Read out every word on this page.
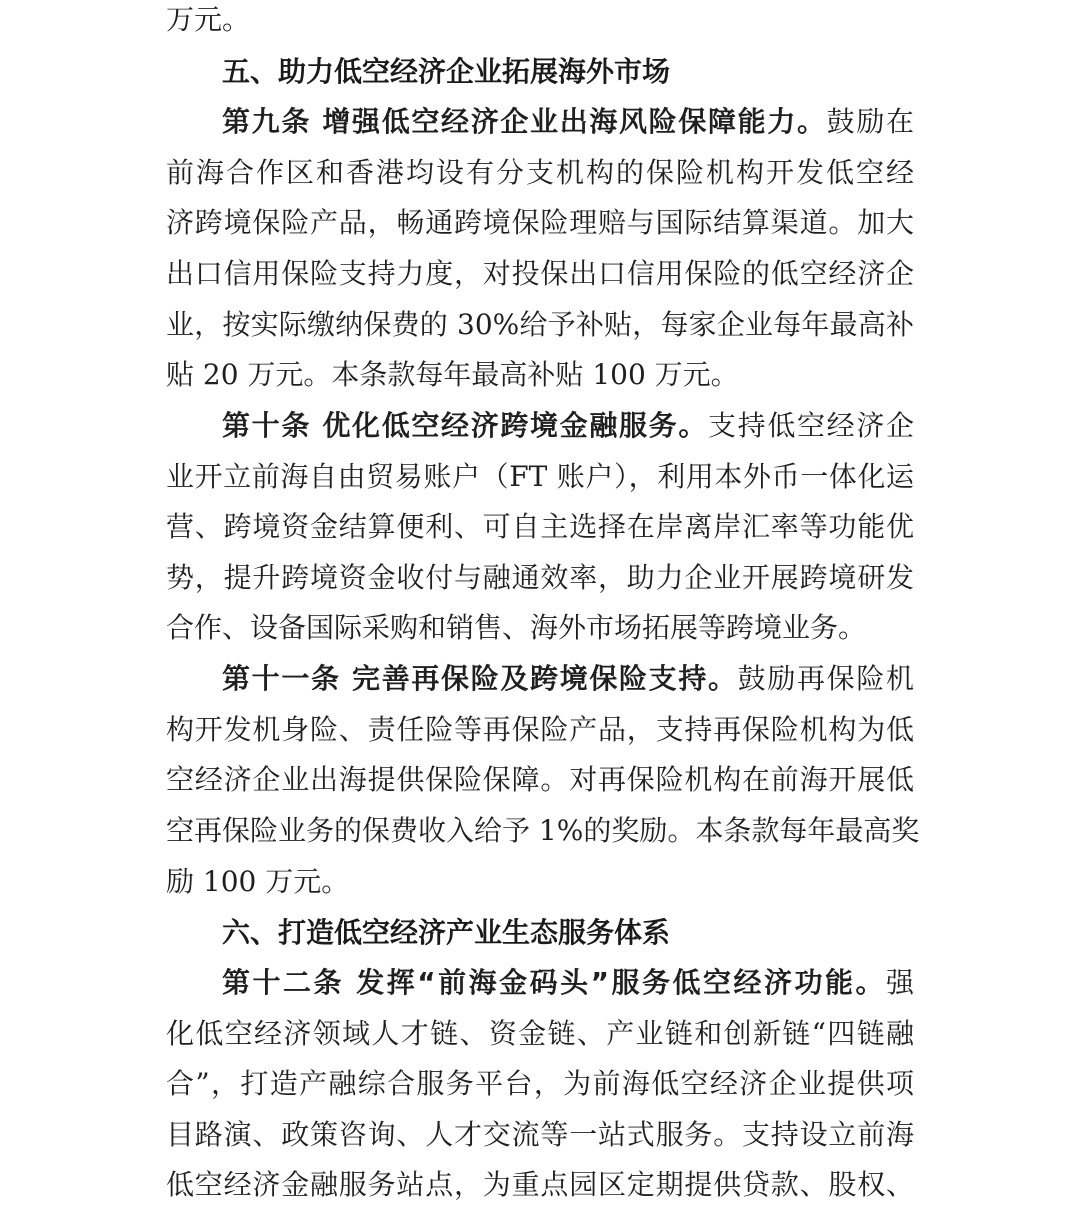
万元。
五、助力低空经济企业拓展海外市场
第九条 增强低空经济企业出海风险保障能力。鼓励在
前海合作区和香港均设有分支机构的保险机构开发低空经
济跨境保险产品，畅通跨境保险理赔与国际结算渠道。加大
出口信用保险支持力度，对投保出口信用保险的低空经济企
业，按实际缴纳保费的 30%给予补贴，每家企业每年最高补
贴 20 万元。本条款每年最高补贴 100 万元。
第十条 优化低空经济跨境金融服务。支持低空经济企
业开立前海自由贸易账户（FT 账户），利用本外币一体化运
营、跨境资金结算便利、可自主选择在岸离岸汇率等功能优
势，提升跨境资金收付与融通效率，助力企业开展跨境研发
合作、设备国际采购和销售、海外市场拓展等跨境业务。
第十一条 完善再保险及跨境保险支持。鼓励再保险机
构开发机身险、责任险等再保险产品，支持再保险机构为低
空经济企业出海提供保险保障。对再保险机构在前海开展低
空再保险业务的保费收入给予 1%的奖励。本条款每年最高奖
励 100 万元。
六、打造低空经济产业生态服务体系
第十二条 发挥“前海金码头”服务低空经济功能。强
化低空经济领域人才链、资金链、产业链和创新链“四链融
合”，打造产融综合服务平台，为前海低空经济企业提供项
目路演、政策咨询、人才交流等一站式服务。支持设立前海
低空经济金融服务站点，为重点园区定期提供贷款、股权、
